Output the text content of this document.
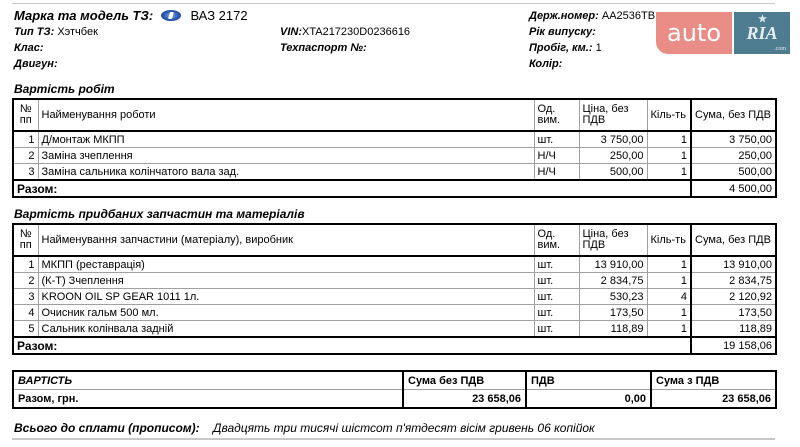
Марка та модель ТЗ:	ВАЗ 2172
Тип ТЗ: Хэтчбек
Клас:
Двигун:
VIN:XTA217230D0236616
Техпаспорт №:
Держ.номер: AA2536TB
Рік випуску:
Пробіг, км.: 1
Колір:
auto	★
RIA
.com
Вартість робіт
№ пп	Найменування роботи	Од. вим.	Ціна, без ПДВ	Кіль-ть	Сума, без ПДВ
1	Д/монтаж МКПП	шт.	3 750,00	1	3 750,00
2	Заміна зчеплення	Н/Ч	250,00	1	250,00
3	Заміна сальника колінчатого вала зад.	Н/Ч	500,00	1	500,00
Разом:					4 500,00
Вартість придбаних запчастин та матеріалів
№ пп	Найменування запчастини (матеріалу), виробник	Од. вим.	Ціна, без ПДВ	Кіль-ть	Сума, без ПДВ
1	МКПП (реставрація)	шт.	13 910,00	1	13 910,00
2	(К-Т) Зчеплення	шт.	2 834,75	1	2 834,75
3	KROON OIL SP GEAR 1011 1л.	шт.	530,23	4	2 120,92
4	Очисник гальм 500 мл.	шт.	173,50	1	173,50
5	Сальник колінвала задній	шт.	118,89	1	118,89
Разом:					19 158,06
ВАРТІСТЬ	Сума без ПДВ	ПДВ	Сума з ПДВ
Разом, грн.	23 658,06	0,00	23 658,06
Всього до сплати (прописом): Двадцять три тисячі шістсот п'ятдесят вісім гривень 06 копійок
